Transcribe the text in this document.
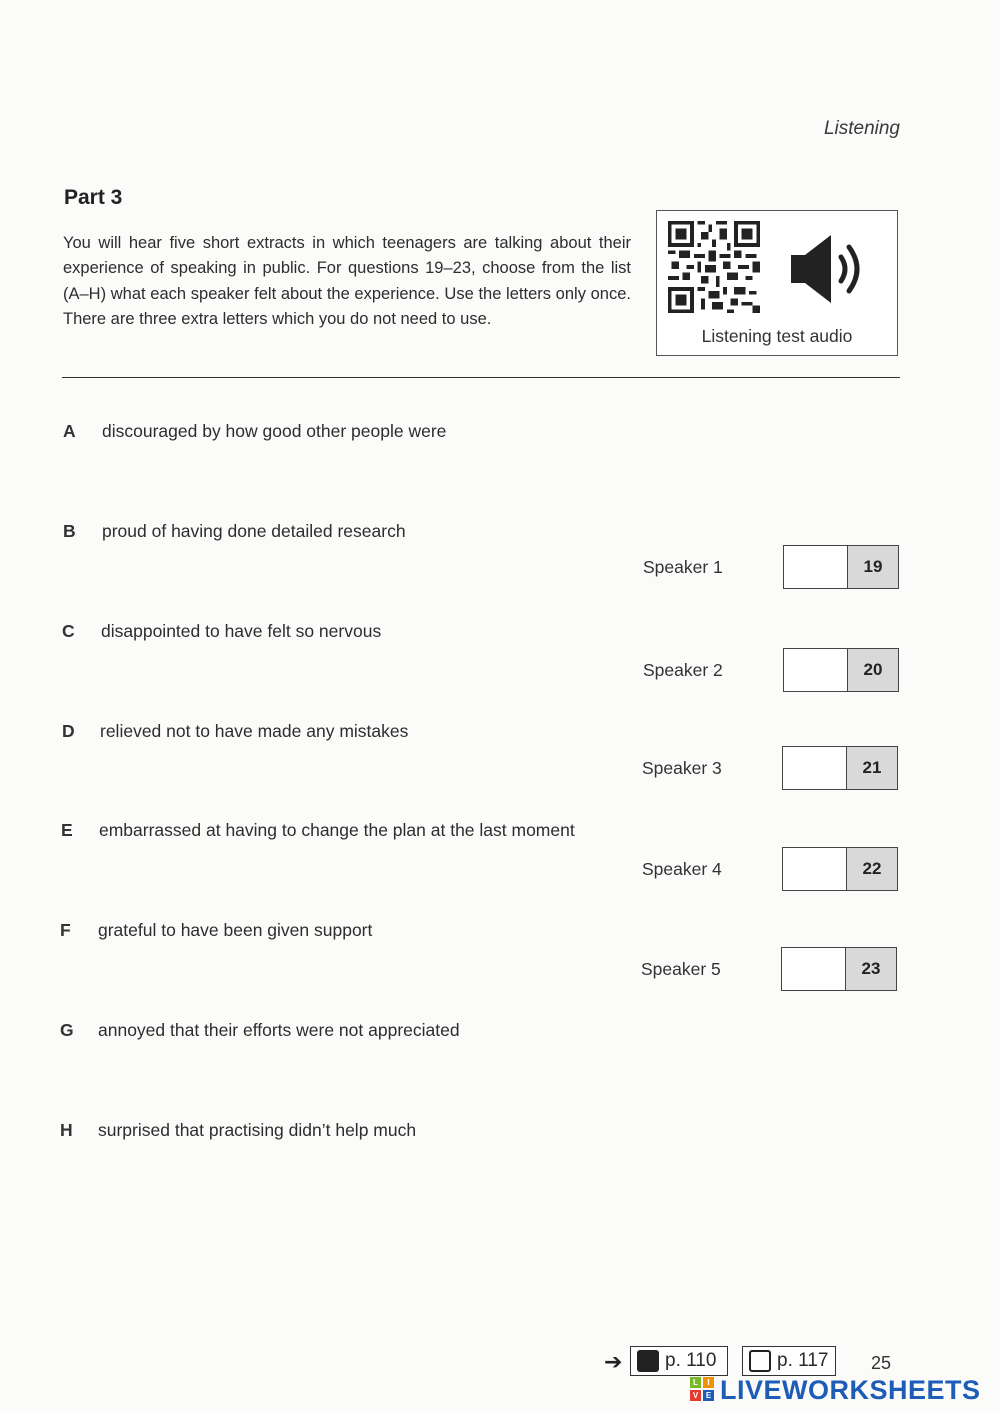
Listening
Part 3
You will hear five short extracts in which teenagers are talking about their experience of speaking in public. For questions 19–23, choose from the list (A–H) what each speaker felt about the experience. Use the letters only once. There are three extra letters which you do not need to use.
Listening test audio
A	discouraged by how good other people were
B	proud of having done detailed research
C	disappointed to have felt so nervous
D	relieved not to have made any mistakes
E	embarrassed at having to change the plan at the last moment
F	grateful to have been given support
G	annoyed that their efforts were not appreciated
H	surprised that practising didn’t help much
Speaker 1	19
Speaker 2	20
Speaker 3	21
Speaker 4	22
Speaker 5	23
➔ p. 110	p. 117 25
L	I
V E LIVEWORKSHEETS
